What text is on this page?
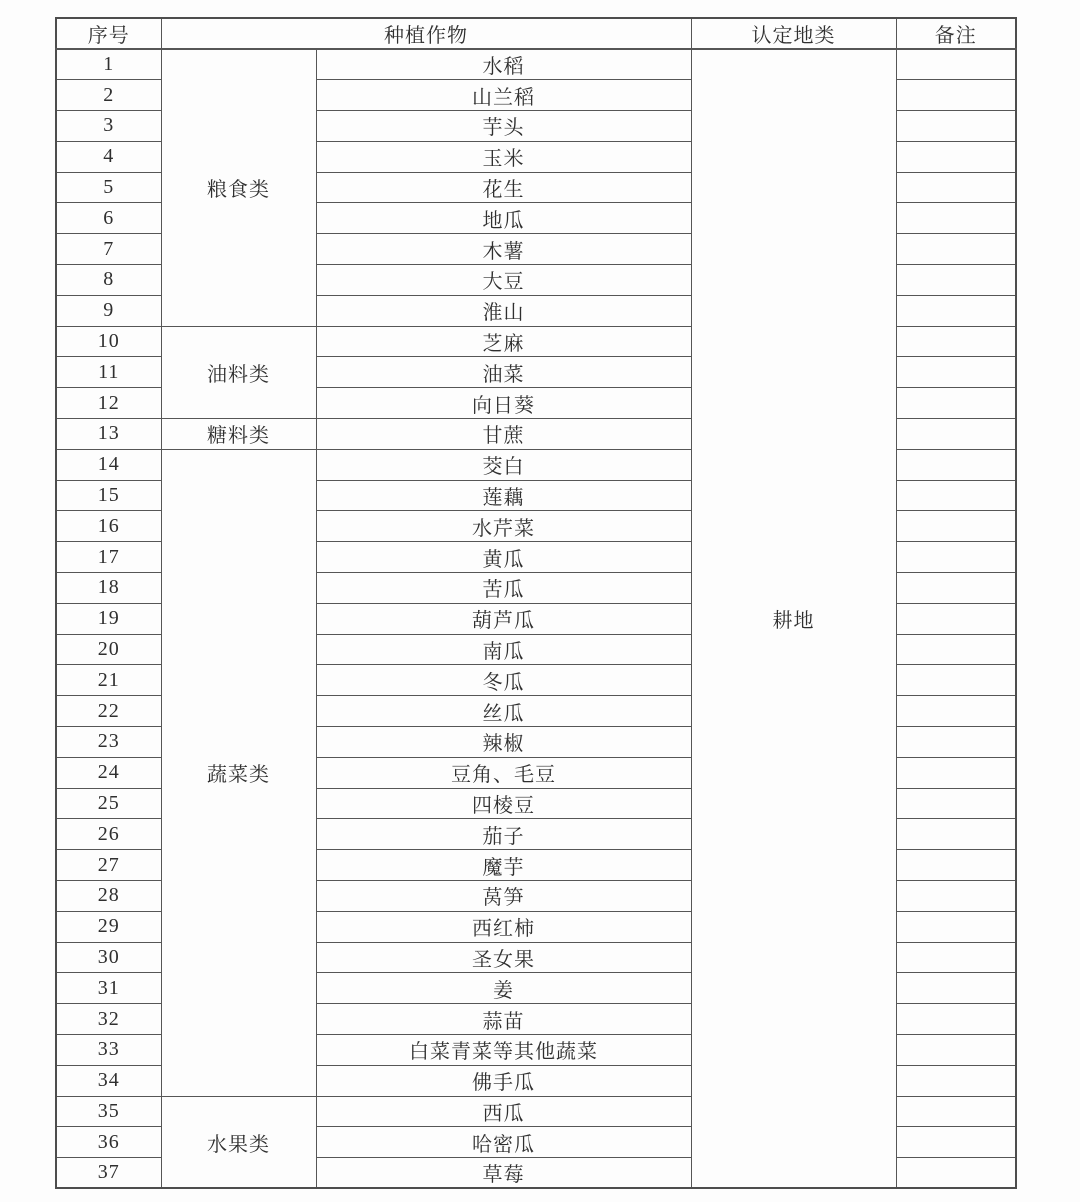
序号	种植作物		认定地类	备注
1	粮食类	水稻	耕地	
2		山兰稻		
3		芋头		
4		玉米		
5		花生		
6		地瓜		
7		木薯		
8		大豆		
9		淮山		
10	油料类	芝麻		
11		油菜		
12		向日葵		
13	糖料类	甘蔗		
14	蔬菜类	茭白		
15		莲藕		
16		水芹菜		
17		黄瓜		
18		苦瓜		
19		葫芦瓜		
20		南瓜		
21		冬瓜		
22		丝瓜		
23		辣椒		
24		豆角、毛豆		
25		四棱豆		
26		茄子		
27		魔芋		
28		莴笋		
29		西红柿		
30		圣女果		
31		姜		
32		蒜苗		
33		白菜青菜等其他蔬菜		
34		佛手瓜		
35	水果类	西瓜		
36		哈密瓜		
37		草莓		
